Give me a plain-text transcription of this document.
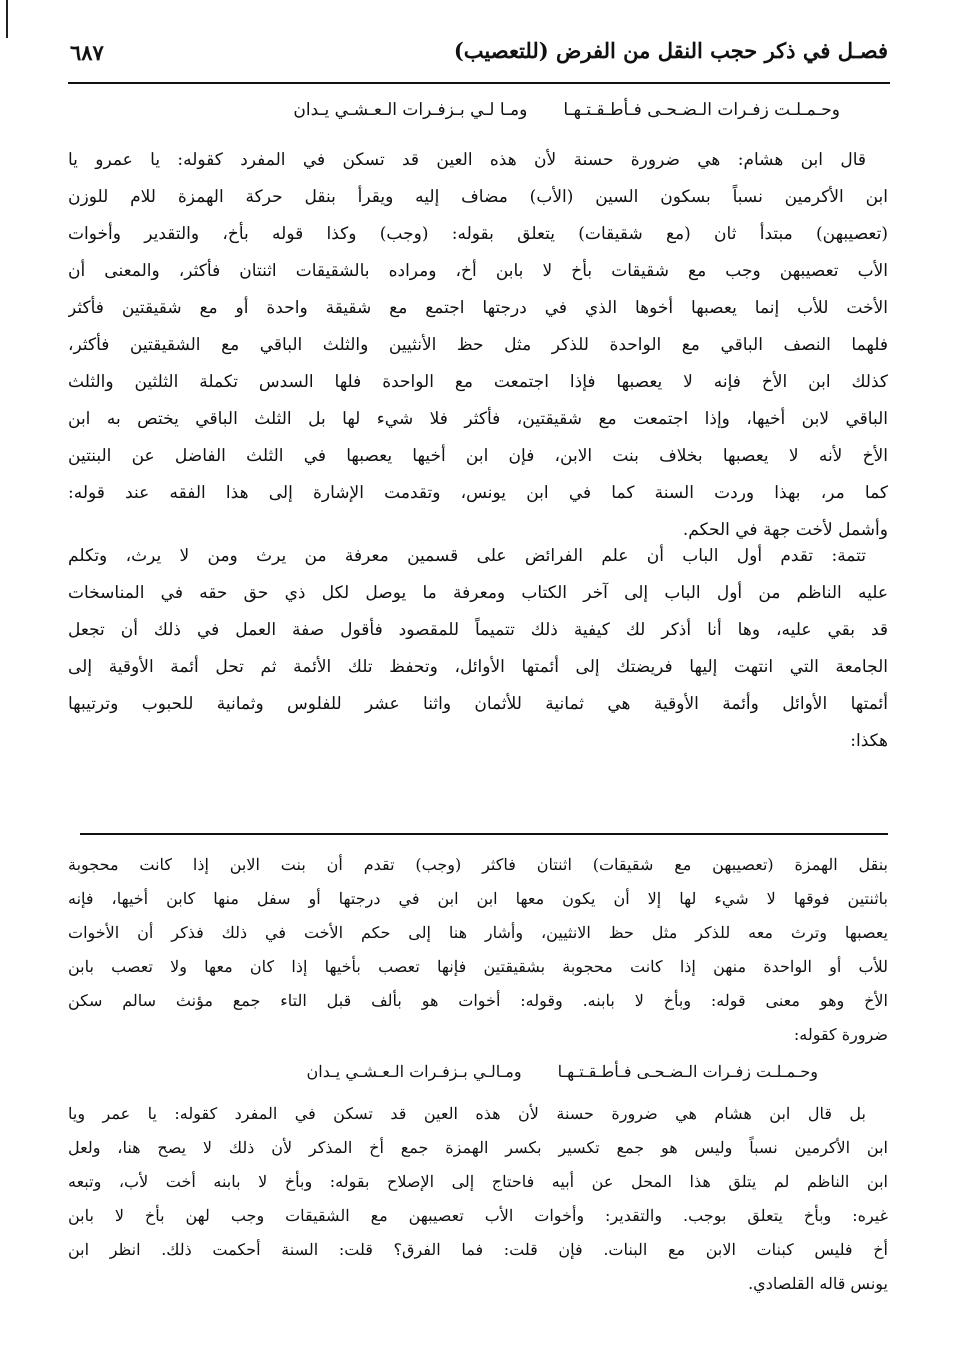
فصـل في ذكر حجب النقل من الفرض (للتعصيب)
٦٨٧
وحـمـلـت زفـرات الـضـحـى فـأطـقـتـهـاومـا لـي بـزفـرات الـعـشـي يـدان
قال ابن هشام: هي ضرورة حسنة لأن هذه العين قد تسكن في المفرد كقوله: يا عمرو يا
ابن الأكرمين نسباً بسكون السين (الأب) مضاف إليه ويقرأ بنقل حركة الهمزة للام للوزن
(تعصيبهن) مبتدأ ثان (مع شقيقات) يتعلق بقوله: (وجب) وكذا قوله بأخ، والتقدير وأخوات
الأب تعصيبهن وجب مع شقيقات بأخ لا بابن أخ، ومراده بالشقيقات اثنتان فأكثر، والمعنى أن
الأخت للأب إنما يعصبها أخوها الذي في درجتها اجتمع مع شقيقة واحدة أو مع شقيقتين فأكثر
فلهما النصف الباقي مع الواحدة للذكر مثل حظ الأنثيين والثلث الباقي مع الشقيقتين فأكثر،
كذلك ابن الأخ فإنه لا يعصبها فإذا اجتمعت مع الواحدة فلها السدس تكملة الثلثين والثلث
الباقي لابن أخيها، وإذا اجتمعت مع شقيقتين، فأكثر فلا شيء لها بل الثلث الباقي يختص به ابن
الأخ لأنه لا يعصبها بخلاف بنت الابن، فإن ابن أخيها يعصبها في الثلث الفاضل عن البنتين
كما مر، بهذا وردت السنة كما في ابن يونس، وتقدمت الإشارة إلى هذا الفقه عند قوله:
وأشمل لأخت جهة في الحكم.
تتمة: تقدم أول الباب أن علم الفرائض على قسمين معرفة من يرث ومن لا يرث، وتكلم
عليه الناظم من أول الباب إلى آخر الكتاب ومعرفة ما يوصل لكل ذي حق حقه في المناسخات
قد بقي عليه، وها أنا أذكر لك كيفية ذلك تتميماً للمقصود فأقول صفة العمل في ذلك أن تجعل
الجامعة التي انتهت إليها فريضتك إلى أئمتها الأوائل، وتحفظ تلك الأئمة ثم تحل أئمة الأوقية إلى
أئمتها الأوائل وأئمة الأوقية هي ثمانية للأثمان واثنا عشر للفلوس وثمانية للحبوب وترتيبها
هكذا:
بنقل الهمزة (تعصيبهن مع شقيقات) اثنتان فاكثر (وجب) تقدم أن بنت الابن إذا كانت محجوبة
باثنتين فوقها لا شيء لها إلا أن يكون معها ابن ابن في درجتها أو سفل منها كابن أخيها، فإنه
يعصبها وترث معه للذكر مثل حظ الانثيين، وأشار هنا إلى حكم الأخت في ذلك فذكر أن الأخوات
للأب أو الواحدة منهن إذا كانت محجوبة بشقيقتين فإنها تعصب بأخيها إذا كان معها ولا تعصب بابن
الأخ وهو معنى قوله: وبأخ لا بابنه. وقوله: أخوات هو بألف قبل التاء جمع مؤنث سالم سكن
ضرورة كقوله:
وحـمـلـت زفـرات الـضـحـى فـأطـقـتـهـاومـالـي بـزفـرات الـعـشـي يـدان
بل قال ابن هشام هي ضرورة حسنة لأن هذه العين قد تسكن في المفرد كقوله: يا عمر ويا
ابن الأكرمين نسباً وليس هو جمع تكسير بكسر الهمزة جمع أخ المذكر لأن ذلك لا يصح هنا، ولعل
ابن الناظم لم يتلق هذا المحل عن أبيه فاحتاج إلى الإصلاح بقوله: وبأخ لا بابنه أخت لأب، وتبعه
غيره: وبأخ يتعلق بوجب. والتقدير: وأخوات الأب تعصيبهن مع الشقيقات وجب لهن بأخ لا بابن
أخ فليس كبنات الابن مع البنات. فإن قلت: فما الفرق؟ قلت: السنة أحكمت ذلك. انظر ابن
يونس قاله القلصادي.
